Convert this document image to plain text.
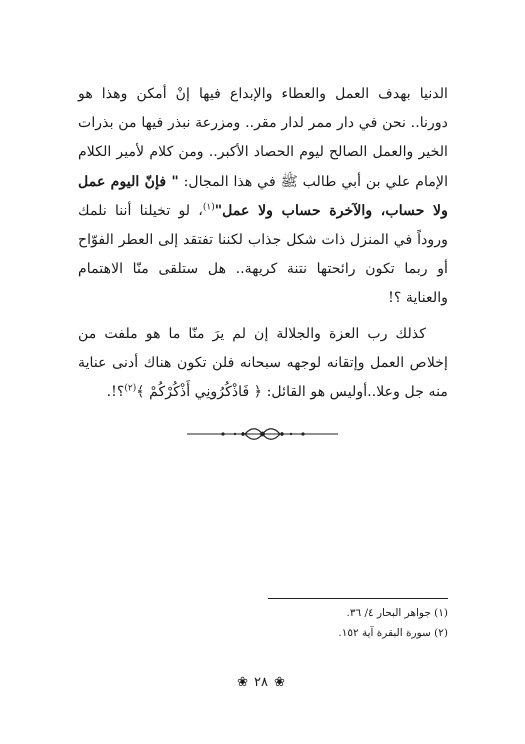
الدنيا بهدف العمل والعطاء والإبداع فيها إنْ أمكن وهذا هو دورنا.. نحن في دار ممر لدار مقر.. ومزرعة نبذر فيها من بذرات الخير والعمل الصالح ليوم الحصاد الأكبر.. ومن كلام لأمير الكلام الإمام علي بن أبي طالب ﷺ في هذا المجال: " فإنّ اليوم عمل ولا حساب، والآخرة حساب ولا عمل"$^{(١)}$، لو تخيلنا أننا نلمك وروداً في المنزل ذات شكل جذاب لكننا تفتقد إلى العطر الفوّاح أو ربما تكون رائحتها نتنة كريهة.. هل ستلقى منّا الاهتمام والعناية ؟!

كذلك رب العزة والجلالة إن لم يرَ منّا ما هو ملفت من إخلاص العمل وإتقانه لوجهه سبحانه فلن تكون هناك أدنى عناية منه جل وعلا..أوليس هو القائل: ﴿ فَاذْكُرُونِي أَذْكُرْكُمْ ﴾$^{(٢)}$؟!.

(١) جواهر البحار ٤/ ٣٦.
(٢) سورة البقرة آية ١٥٢.
❀ ٢٨ ❀
